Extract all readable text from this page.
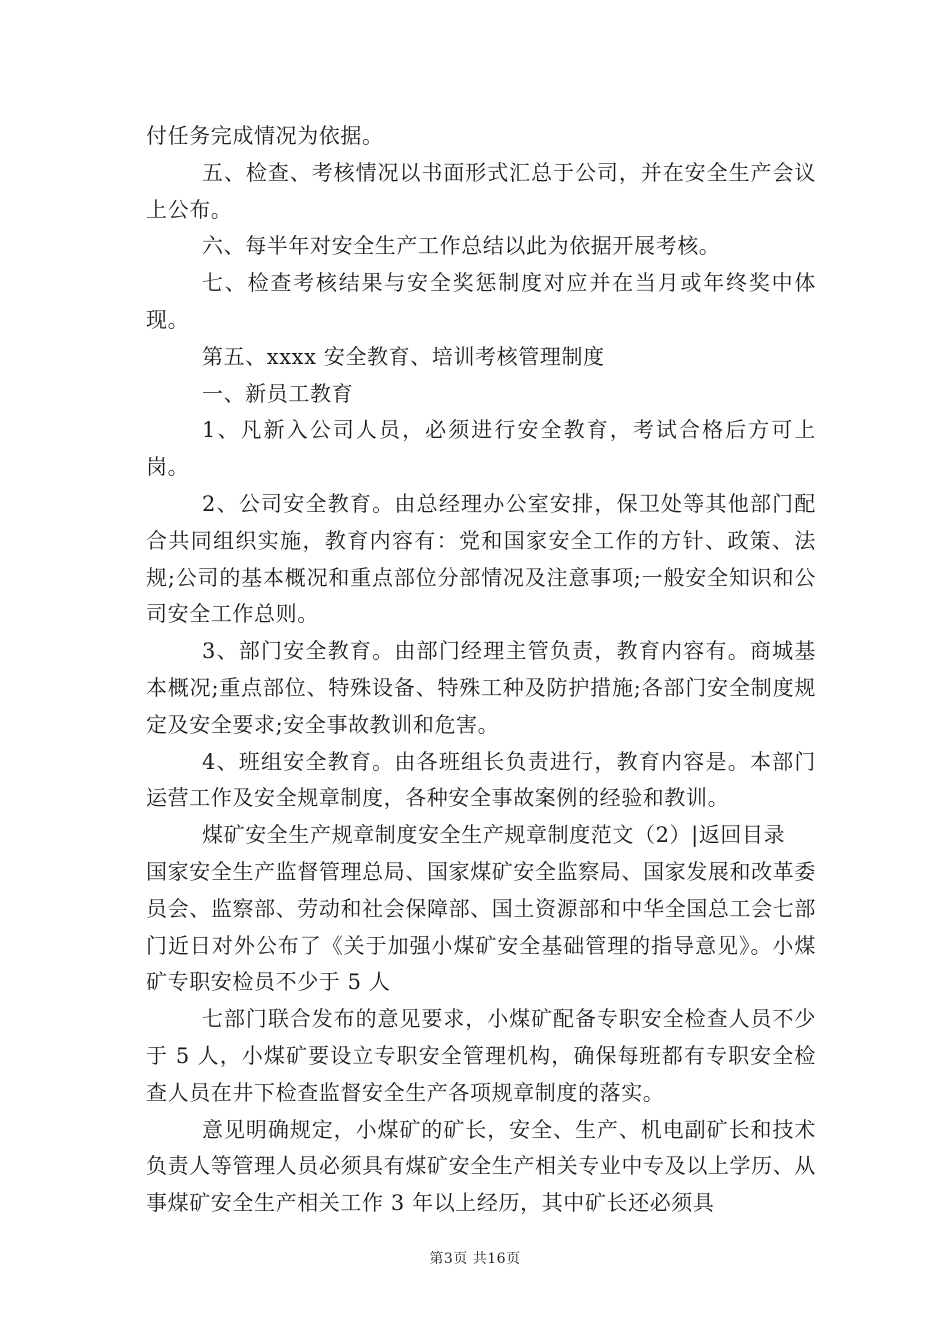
付任务完成情况为依据。

五、检查、考核情况以书面形式汇总于公司，并在安全生产会议上公布。

六、每半年对安全生产工作总结以此为依据开展考核。

七、检查考核结果与安全奖惩制度对应并在当月或年终奖中体现。

第五、xxxx 安全教育、培训考核管理制度

一、新员工教育

1、凡新入公司人员，必须进行安全教育，考试合格后方可上岗。

2、公司安全教育。由总经理办公室安排，保卫处等其他部门配合共同组织实施，教育内容有：党和国家安全工作的方针、政策、法规;公司的基本概况和重点部位分部情况及注意事项;一般安全知识和公司安全工作总则。

3、部门安全教育。由部门经理主管负责，教育内容有。商城基本概况;重点部位、特殊设备、特殊工种及防护措施;各部门安全制度规定及安全要求;安全事故教训和危害。

4、班组安全教育。由各班组长负责进行，教育内容是。本部门运营工作及安全规章制度，各种安全事故案例的经验和教训。

煤矿安全生产规章制度安全生产规章制度范文（2）|返回目录

国家安全生产监督管理总局、国家煤矿安全监察局、国家发展和改革委员会、监察部、劳动和社会保障部、国土资源部和中华全国总工会七部门近日对外公布了《关于加强小煤矿安全基础管理的指导意见》。小煤矿专职安检员不少于 5 人

七部门联合发布的意见要求，小煤矿配备专职安全检查人员不少于 5 人，小煤矿要设立专职安全管理机构，确保每班都有专职安全检查人员在井下检查监督安全生产各项规章制度的落实。

意见明确规定，小煤矿的矿长，安全、生产、机电副矿长和技术负责人等管理人员必须具有煤矿安全生产相关专业中专及以上学历、从事煤矿安全生产相关工作 3 年以上经历，其中矿长还必须具

第3页 共16页
